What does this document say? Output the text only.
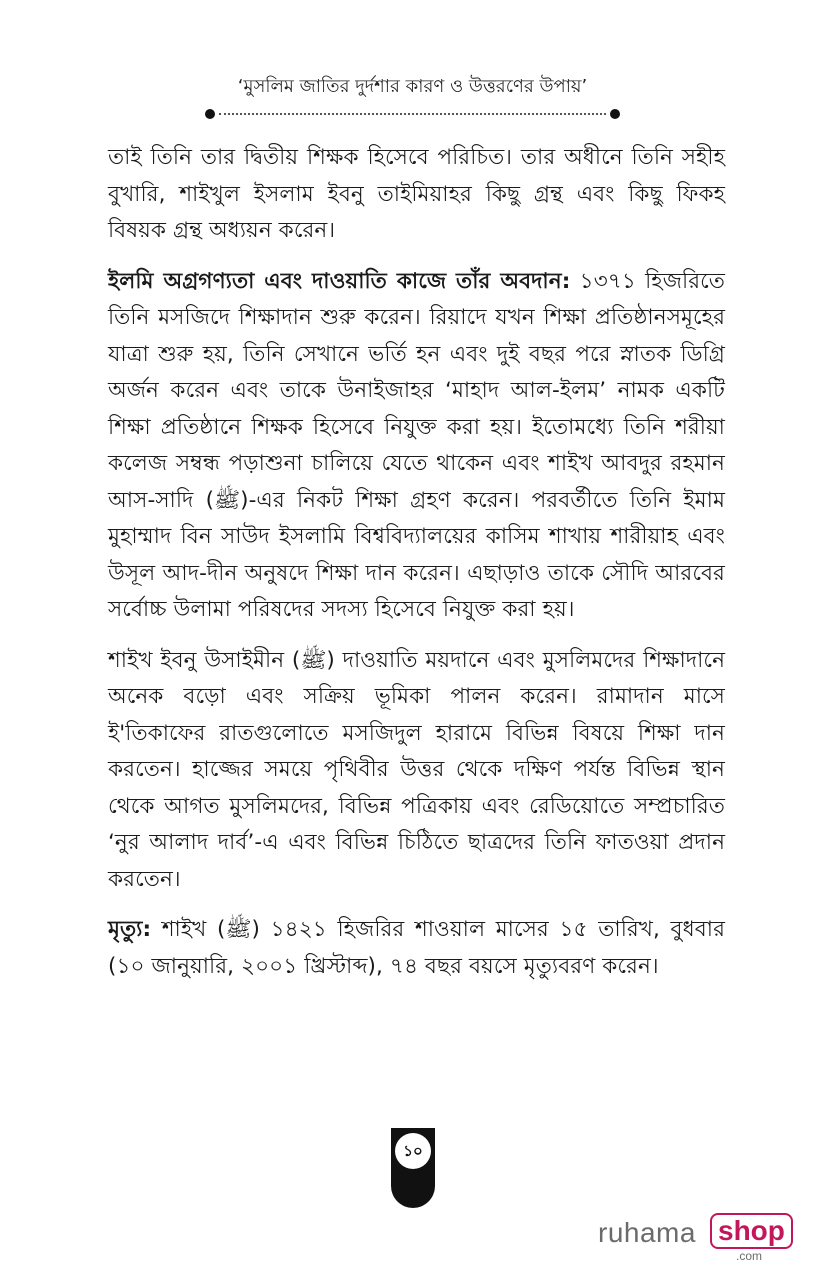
‘মুসলিম জাতির দুর্দশার কারণ ও উত্তরণের উপায়’

তাই তিনি তার দ্বিতীয় শিক্ষক হিসেবে পরিচিত। তার অধীনে তিনি সহীহ বুখারি, শাইখুল ইসলাম ইবনু তাইমিয়াহর কিছু গ্রন্থ এবং কিছু ফিকহ বিষয়ক গ্রন্থ অধ্যয়ন করেন।

ইলমি অগ্রগণ্যতা এবং দাওয়াতি কাজে তাঁর অবদান: ১৩৭১ হিজরিতে তিনি মসজিদে শিক্ষাদান শুরু করেন। রিয়াদে যখন শিক্ষা প্রতিষ্ঠানসমূহের যাত্রা শুরু হয়, তিনি সেখানে ভর্তি হন এবং দুই বছর পরে স্নাতক ডিগ্রি অর্জন করেন এবং তাকে উনাইজাহর ‘মাহাদ আল-ইলম’ নামক একটি শিক্ষা প্রতিষ্ঠানে শিক্ষক হিসেবে নিযুক্ত করা হয়। ইতোমধ্যে তিনি শরীয়া কলেজ সম্বন্ধ পড়াশুনা চালিয়ে যেতে থাকেন এবং শাইখ আবদুর রহমান আস-সাদি (ﷺ)-এর নিকট শিক্ষা গ্রহণ করেন। পরবর্তীতে তিনি ইমাম মুহাম্মাদ বিন সাউদ ইসলামি বিশ্ববিদ্যালয়ের কাসিম শাখায় শারীয়াহ এবং উসূল আদ-দীন অনুষদে শিক্ষা দান করেন। এছাড়াও তাকে সৌদি আরবের সর্বোচ্চ উলামা পরিষদের সদস্য হিসেবে নিযুক্ত করা হয়।

শাইখ ইবনু উসাইমীন (ﷺ) দাওয়াতি ময়দানে এবং মুসলিমদের শিক্ষাদানে অনেক বড়ো এবং সক্রিয় ভূমিকা পালন করেন। রামাদান মাসে ই'তিকাফের রাতগুলোতে মসজিদুল হারামে বিভিন্ন বিষয়ে শিক্ষা দান করতেন। হাজ্জের সময়ে পৃথিবীর উত্তর থেকে দক্ষিণ পর্যন্ত বিভিন্ন স্থান থেকে আগত মুসলিমদের, বিভিন্ন পত্রিকায় এবং রেডিয়োতে সম্প্রচারিত ‘নুর আলাদ দার্ব’-এ এবং বিভিন্ন চিঠিতে ছাত্রদের তিনি ফাতওয়া প্রদান করতেন।

মৃত্যু: শাইখ (ﷺ) ১৪২১ হিজরির শাওয়াল মাসের ১৫ তারিখ, বুধবার (১০ জানুয়ারি, ২০০১ খ্রিস্টাব্দ), ৭৪ বছর বয়সে মৃত্যুবরণ করেন।

১০
ruhama shop
.com
